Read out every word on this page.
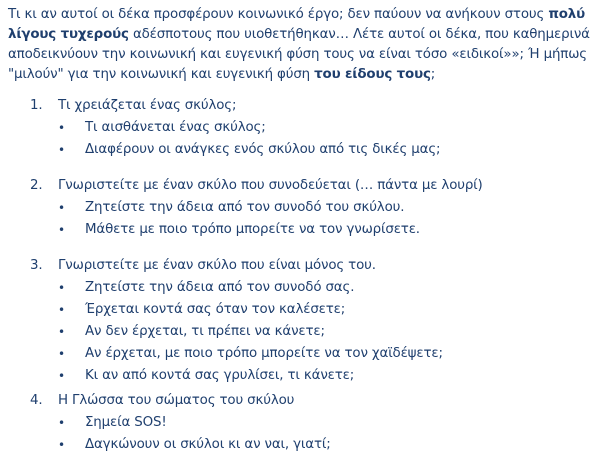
Τι κι αν αυτοί οι δέκα προσφέρουν κοινωνικό έργο; δεν παύουν να ανήκουν στους πολύ
λίγους τυχερούς αδέσποτους που υιοθετήθηκαν… Λέτε αυτοί οι δέκα, που καθημερινά
αποδεικνύουν την κοινωνική και ευγενική φύση τους να είναι τόσο «ειδικοί»»; Ή μήπως
"μιλούν" για την κοινωνική και ευγενική φύση του είδους τους;
1. Τι χρειάζεται ένας σκύλος;
• Τι αισθάνεται ένας σκύλος;
• Διαφέρουν οι ανάγκες ενός σκύλου από τις δικές μας;
2. Γνωριστείτε με έναν σκύλο που συνοδεύεται (… πάντα με λουρί)
• Ζητείστε την άδεια από τον συνοδό του σκύλου.
• Μάθετε με ποιο τρόπο μπορείτε να τον γνωρίσετε.
3. Γνωριστείτε με έναν σκύλο που είναι μόνος του.
• Ζητείστε την άδεια από τον συνοδό σας.
• Έρχεται κοντά σας όταν τον καλέσετε;
• Αν δεν έρχεται, τι πρέπει να κάνετε;
• Αν έρχεται, με ποιο τρόπο μπορείτε να τον χαϊδέψετε;
• Κι αν από κοντά σας γρυλίσει, τι κάνετε;
4. Η Γλώσσα του σώματος του σκύλου
• Σημεία SOS!
• Δαγκώνουν οι σκύλοι κι αν ναι, γιατί;
